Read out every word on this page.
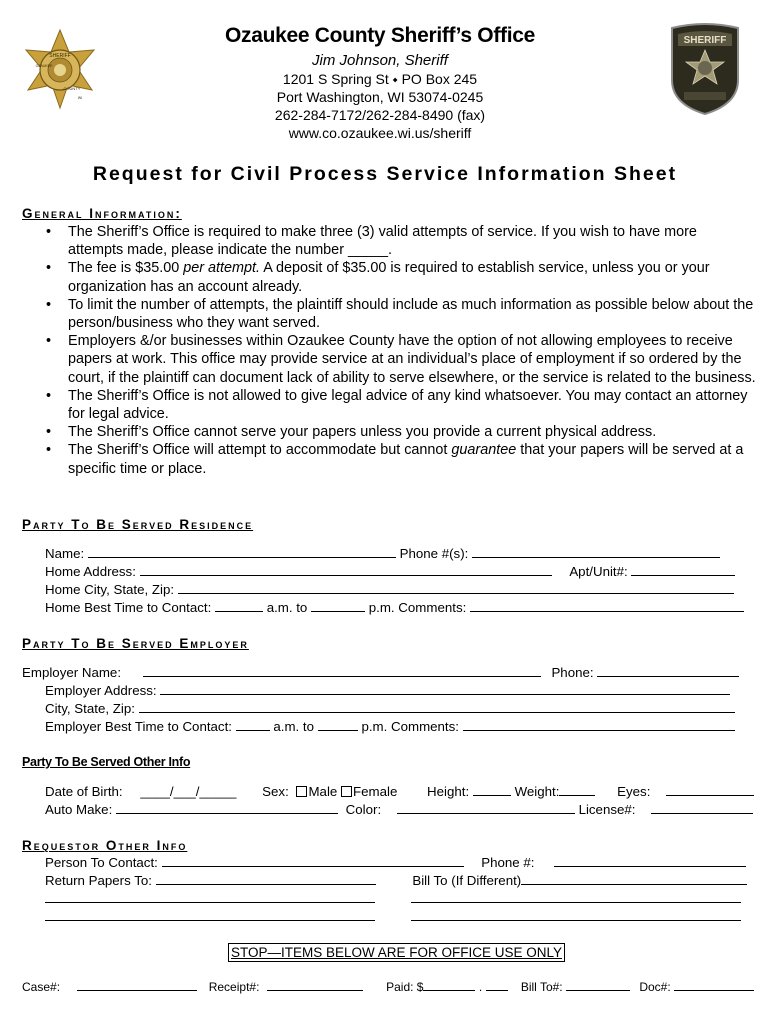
SHERIFF
OZAUKEE
COUNTY
WI
SHERIFF
Ozaukee County Sheriff’s Office
Jim Johnson, Sheriff
1201 S Spring St ⬩ PO Box 245
Port Washington, WI 53074-0245
262-284-7172/262-284-8490 (fax)
www.co.ozaukee.wi.us/sheriff
Request for Civil Process Service Information Sheet
General Information:
• The Sheriff’s Office is required to make three (3) valid attempts of service. If you wish to have more attempts made, please indicate the number _____.
• The fee is $35.00 per attempt. A deposit of $35.00 is required to establish service, unless you or your organization has an account already.
• To limit the number of attempts, the plaintiff should include as much information as possible below about the person/business who they want served.
• Employers &/or businesses within Ozaukee County have the option of not allowing employees to receive papers at work. This office may provide service at an individual’s place of employment if so ordered by the court, if the plaintiff can document lack of ability to serve elsewhere, or the service is related to the business.
• The Sheriff’s Office is not allowed to give legal advice of any kind whatsoever. You may contact an attorney for legal advice.
• The Sheriff’s Office cannot serve your papers unless you provide a current physical address.
• The Sheriff’s Office will attempt to accommodate but cannot guarantee that your papers will be served at a specific time or place.
Party To Be Served Residence
Name:	Phone #(s):
Home Address:	Apt/Unit#:
Home City, State, Zip:
Home Best Time to Contact:	a.m. to	p.m. Comments:
Party To Be Served Employer
Employer Name:	Phone:
Employer Address:
City, State, Zip:
Employer Best Time to Contact:	a.m. to	p.m. Comments:
Party To Be Served Other Info
Date of Birth: ____/___/_____ Sex: Male Female Height:	Weight:	Eyes:
Auto Make:	Color:	License#:
Requestor Other Info
Person To Contact:	Phone #:
Return Papers To:	Bill To (If Different)

STOP—ITEMS BELOW ARE FOR OFFICE USE ONLY
Case#:	Receipt#:	Paid: $	.	Bill To#:	Doc#:
